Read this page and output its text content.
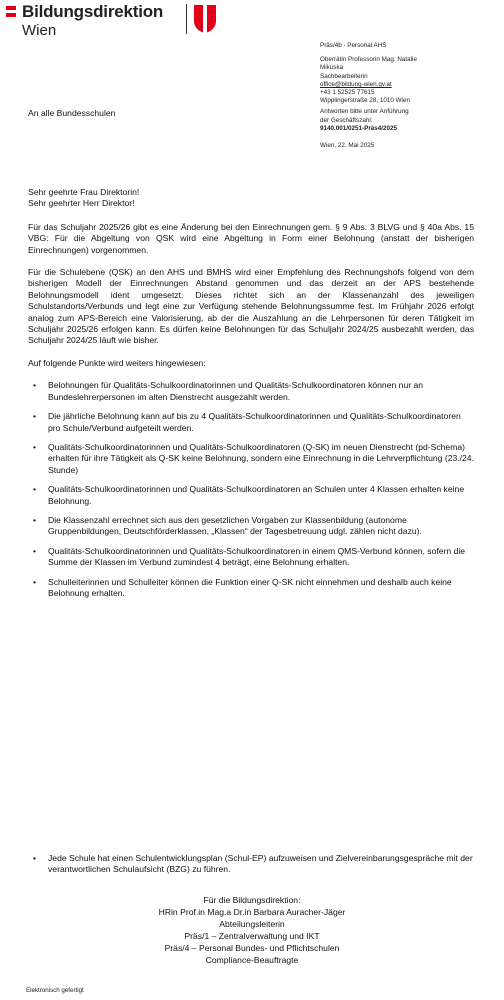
Bildungsdirektion
Wien
Präs/4b - Personal AHS
Oberrätin Professorin Mag. Natalie
Mikuska
Sachbearbeiterin
office@bildung-wien.gv.at
+43 1 52525 77615
Wipplingerstraße 28, 1010 Wien
Antworten bitte unter Anführung
der Geschäftszahl:
9140.001/0251-Präs4/2025
Wien, 22. Mai 2025
An alle Bundesschulen

Sehr geehrte Frau Direktorin!
Sehr geehrter Herr Direktor!

Für das Schuljahr 2025/26 gibt es eine Änderung bei den Einrechnungen gem. § 9 Abs. 3 BLVG und § 40a Abs. 15 VBG: Für die Abgeltung von QSK wird eine Abgeltung in Form einer Belohnung (anstatt der bisherigen Einrechnungen) vorgenommen.

Für die Schulebene (QSK) an den AHS und BMHS wird einer Empfehlung des Rechnungshofs folgend von dem bisherigen Modell der Einrechnungen Abstand genommen und das derzeit an der APS bestehende Belohnungsmodell ident umgesetzt. Dieses richtet sich an der Klassenanzahl des jeweiligen Schulstandorts/Verbunds und legt eine zur Verfügung stehende Belohnungssumme fest. Im Frühjahr 2026 erfolgt analog zum APS-Bereich eine Valorisierung, ab der die Auszahlung an die Lehrpersonen für deren Tätigkeit im Schuljahr 2025/26 erfolgen kann. Es dürfen keine Belohnungen für das Schuljahr 2024/25 ausbezahlt werden, das Schuljahr 2024/25 läuft wie bisher.

Auf folgende Punkte wird weiters hingewiesen:

• Belohnungen für Qualitäts-Schulkoordinatorinnen und Qualitäts-Schulkoordinatoren können nur an Bundeslehrerpersonen im alten Dienstrecht ausgezahlt werden.
• Die jährliche Belohnung kann auf bis zu 4 Qualitäts-Schulkoordinatorinnen und Qualitäts-Schulkoordinatoren pro Schule/Verbund aufgeteilt werden.
• Qualitäts-Schulkoordinatorinnen und Qualitäts-Schulkoordinatoren (Q-SK) im neuen Dienstrecht (pd-Schema) erhalten für ihre Tätigkeit als Q-SK keine Belohnung, sondern eine Einrechnung in die Lehrverpflichtung (23./24. Stunde)
• Qualitäts-Schulkoordinatorinnen und Qualitäts-Schulkoordinatoren an Schulen unter 4 Klassen erhalten keine Belohnung.
• Die Klassenzahl errechnet sich aus den gesetzlichen Vorgaben zur Klassenbildung (autonome Gruppenbildungen, Deutschförderklassen, „Klassen“ der Tagesbetreuung udgl. zählen nicht dazu).
• Qualitäts-Schulkoordinatorinnen und Qualitäts-Schulkoordinatoren in einem QMS-Verbund können, sofern die Summe der Klassen im Verbund zumindest 4 beträgt, eine Belohnung erhalten.
• Schulleiterinnen und Schulleiter können die Funktion einer Q-SK nicht einnehmen und deshalb auch keine Belohnung erhalten.
•	Jede Schule hat einen Schulentwicklungsplan (Schul-EP) aufzuweisen und Zielvereinbarungsgespräche mit der verantwortlichen Schulaufsicht (BZG) zu führen.
Für die Bildungsdirektion:
HRin Prof.in Mag.a Dr.in Barbara Auracher-Jäger
Abteilungsleiterin
Präs/1 – Zentralverwaltung und IKT
Präs/4 – Personal Bundes- und Pflichtschulen
Compliance-Beauftragte
Elektronisch gefertigt
